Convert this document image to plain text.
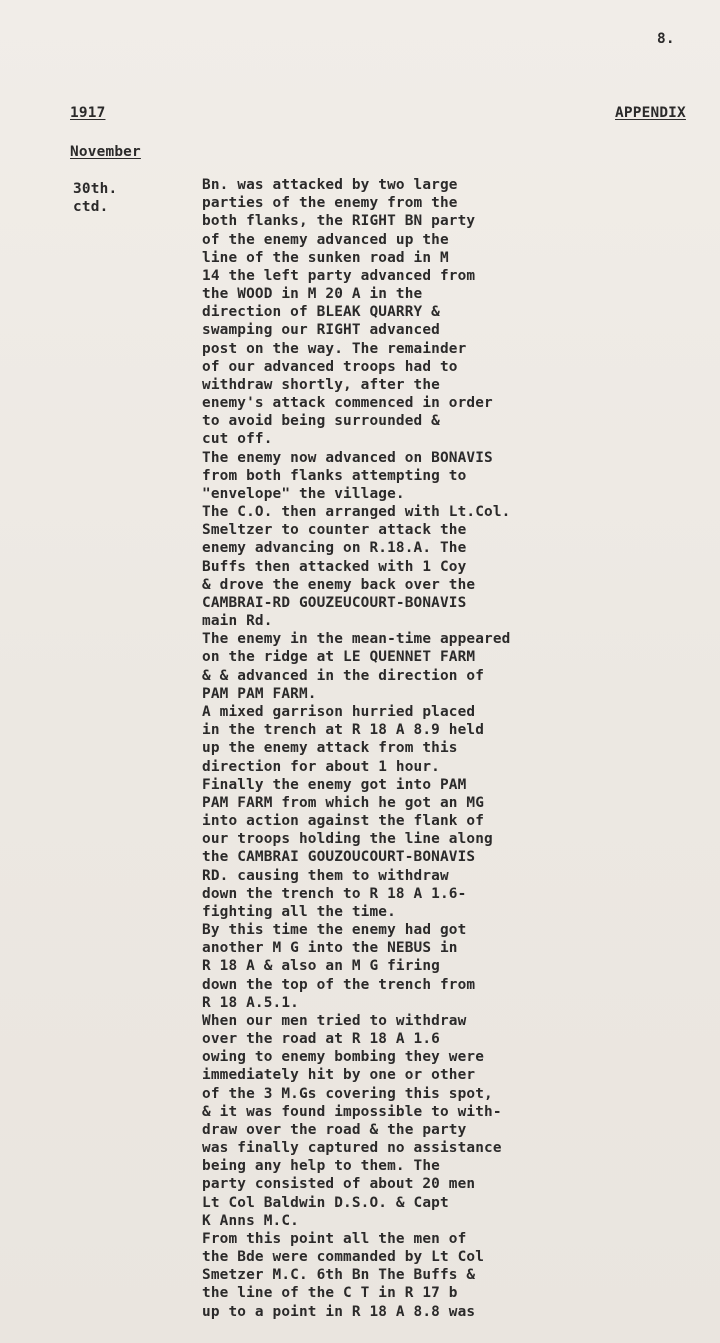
8.
1917	APPENDIX
November
30th.
ctd.
Bn. was attacked by two large
parties of the enemy from the
both flanks, the RIGHT BN party
of the enemy advanced up the
line of the sunken road in M
14 the left party advanced from
the WOOD in M 20 A in the
direction of BLEAK QUARRY &
swamping our RIGHT advanced
post on the way. The remainder
of our advanced troops had to
withdraw shortly, after the
enemy's attack commenced in order
to avoid being surrounded &
cut off.
The enemy now advanced on BONAVIS
from both flanks attempting to
"envelope" the village.
The C.O. then arranged with Lt.Col.
Smeltzer to counter attack the
enemy advancing on R.18.A. The
Buffs then attacked with 1 Coy
& drove the enemy back over the
CAMBRAI-RD GOUZEUCOURT-BONAVIS
main Rd.
The enemy in the mean-time appeared
on the ridge at LE QUENNET FARM
& & advanced in the direction of
PAM PAM FARM.
A mixed garrison hurried placed
in the trench at R 18 A 8.9 held
up the enemy attack from this
direction for about 1 hour.
Finally the enemy got into PAM
PAM FARM from which he got an MG
into action against the flank of
our troops holding the line along
the CAMBRAI GOUZOUCOURT-BONAVIS
RD. causing them to withdraw
down the trench to R 18 A 1.6-
fighting all the time.
By this time the enemy had got
another M G into the NEBUS in
R 18 A & also an M G firing
down the top of the trench from
R 18 A.5.1.
When our men tried to withdraw
over the road at R 18 A 1.6
owing to enemy bombing they were
immediately hit by one or other
of the 3 M.Gs covering this spot,
& it was found impossible to with-
draw over the road & the party
was finally captured no assistance
being any help to them. The
party consisted of about 20 men
Lt Col Baldwin D.S.O. & Capt
K Anns M.C.
From this point all the men of
the Bde were commanded by Lt Col
Smetzer M.C. 6th Bn The Buffs &
the line of the C T in R 17 b
up to a point in R 18 A 8.8 was
